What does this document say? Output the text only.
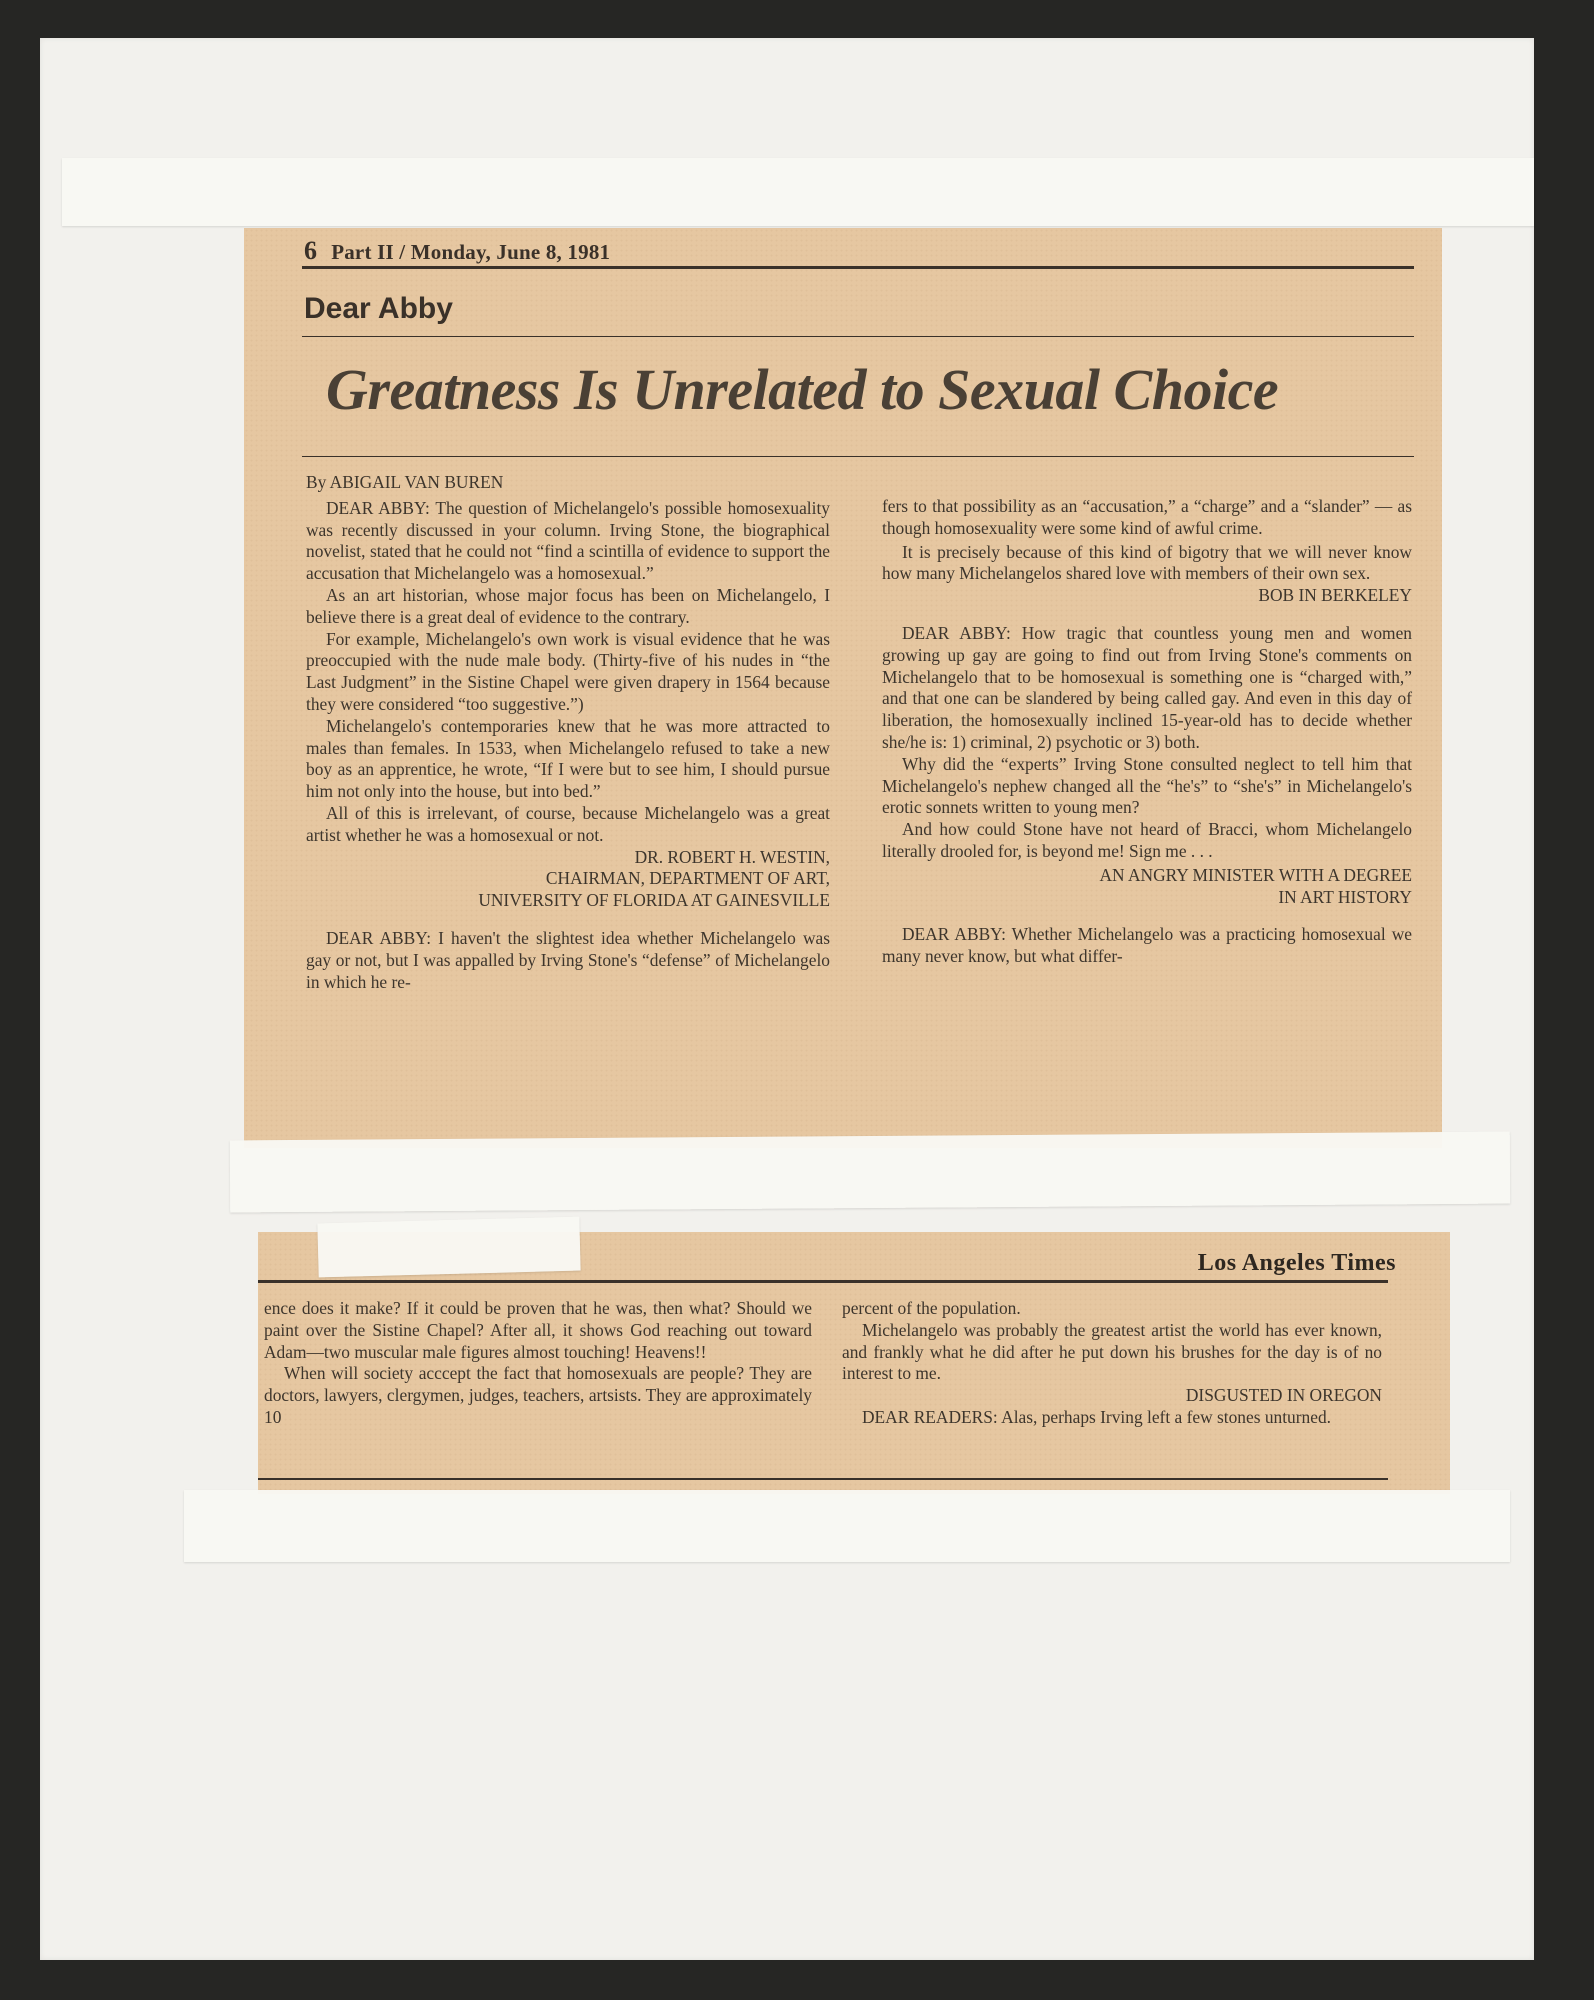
6 Part II / Monday, June 8, 1981
Dear Abby
Greatness Is Unrelated to Sexual Choice

By ABIGAIL VAN BUREN

DEAR ABBY: The question of Michelangelo's possible homosexuality was recently discussed in your column. Irving Stone, the biographical novelist, stated that he could not “find a scintilla of evidence to support the accusation that Michelangelo was a homosexual.”

As an art historian, whose major focus has been on Michelangelo, I believe there is a great deal of evidence to the contrary.

For example, Michelangelo's own work is visual evidence that he was preoccupied with the nude male body. (Thirty-five of his nudes in “the Last Judgment” in the Sistine Chapel were given drapery in 1564 because they were considered “too suggestive.”)

Michelangelo's contemporaries knew that he was more attracted to males than females. In 1533, when Michelangelo refused to take a new boy as an apprentice, he wrote, “If I were but to see him, I should pursue him not only into the house, but into bed.”

All of this is irrelevant, of course, because Michelangelo was a great artist whether he was a homosexual or not.

DR. ROBERT H. WESTIN,

CHAIRMAN, DEPARTMENT OF ART,

UNIVERSITY OF FLORIDA AT GAINESVILLE

DEAR ABBY: I haven't the slightest idea whether Michelangelo was gay or not, but I was appalled by Irving Stone's “defense” of Michelangelo in which he re-

fers to that possibility as an “accusation,” a “charge” and a “slander” — as though homosexuality were some kind of awful crime.

It is precisely because of this kind of bigotry that we will never know how many Michelangelos shared love with members of their own sex.

BOB IN BERKELEY

DEAR ABBY: How tragic that countless young men and women growing up gay are going to find out from Irving Stone's comments on Michelangelo that to be homosexual is something one is “charged with,” and that one can be slandered by being called gay. And even in this day of liberation, the homosexually inclined 15-year-old has to decide whether she/he is: 1) criminal, 2) psychotic or 3) both.

Why did the “experts” Irving Stone consulted neglect to tell him that Michelangelo's nephew changed all the “he's” to “she's” in Michelangelo's erotic sonnets written to young men?

And how could Stone have not heard of Bracci, whom Michelangelo literally drooled for, is beyond me! Sign me . . .

AN ANGRY MINISTER WITH A DEGREE

IN ART HISTORY

DEAR ABBY: Whether Michelangelo was a practicing homosexual we many never know, but what differ-

Los Angeles Times

ence does it make? If it could be proven that he was, then what? Should we paint over the Sistine Chapel? After all, it shows God reaching out toward Adam—two muscular male figures almost touching! Heavens!!

When will society acccept the fact that homosexuals are people? They are doctors, lawyers, clergymen, judges, teachers, artsists. They are approximately 10

percent of the population.

Michelangelo was probably the greatest artist the world has ever known, and frankly what he did after he put down his brushes for the day is of no interest to me.

DISGUSTED IN OREGON

DEAR READERS: Alas, perhaps Irving left a few stones unturned.
